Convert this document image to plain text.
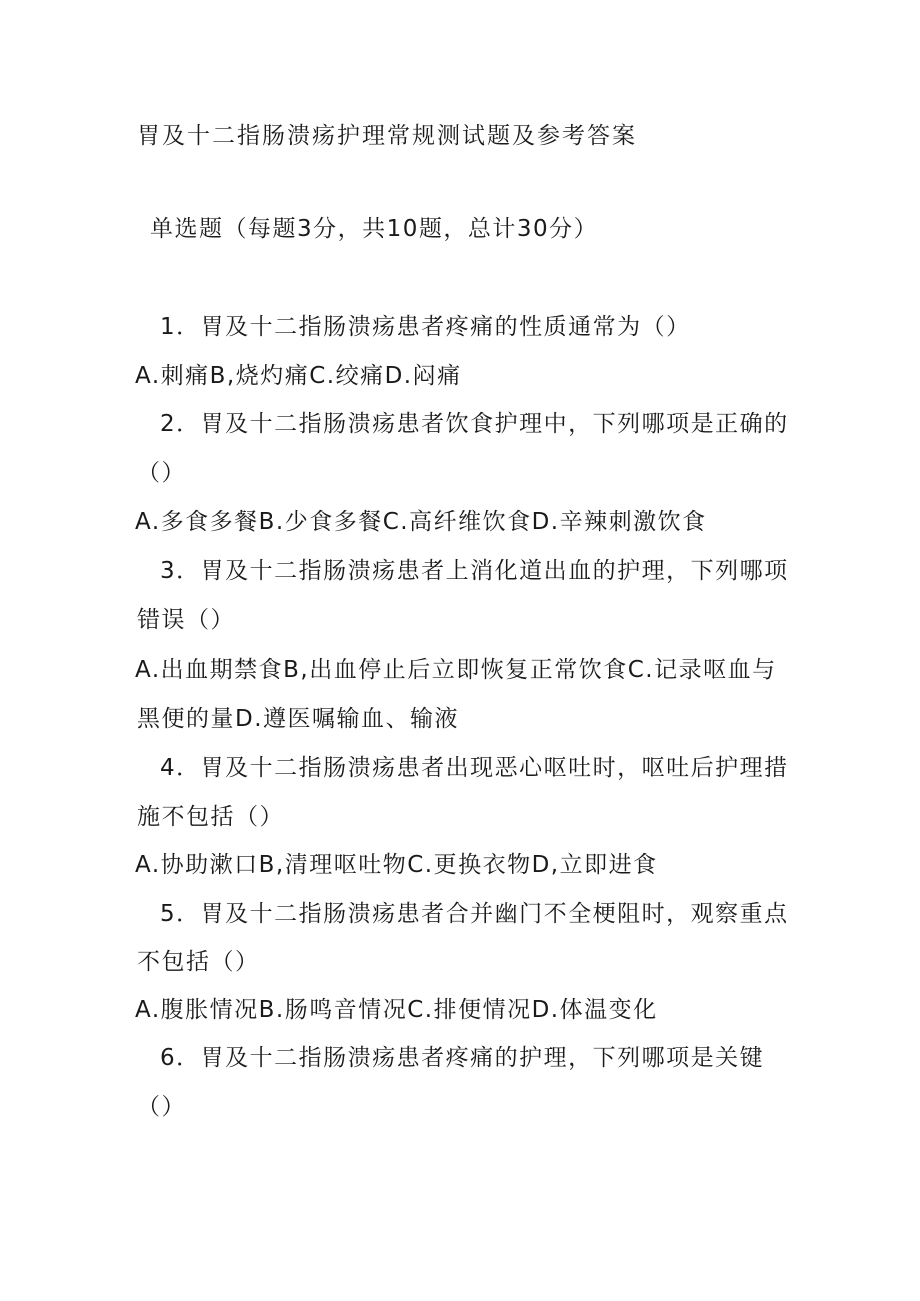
胃及十二指肠溃疡护理常规测试题及参考答案
单选题（每题3分，共10题，总计30分）
1．胃及十二指肠溃疡患者疼痛的性质通常为（）
A.刺痛B,烧灼痛C.绞痛D.闷痛
2．胃及十二指肠溃疡患者饮食护理中，下列哪项是正确的
（）
A.多食多餐B.少食多餐C.高纤维饮食D.辛辣刺激饮食
3．胃及十二指肠溃疡患者上消化道出血的护理，下列哪项
错误（）
A.出血期禁食B,出血停止后立即恢复正常饮食C.记录呕血与
黑便的量D.遵医嘱输血、输液
4．胃及十二指肠溃疡患者出现恶心呕吐时，呕吐后护理措
施不包括（）
A.协助漱口B,清理呕吐物C.更换衣物D,立即进食
5．胃及十二指肠溃疡患者合并幽门不全梗阻时，观察重点
不包括（）
A.腹胀情况B.肠鸣音情况C.排便情况D.体温变化
6．胃及十二指肠溃疡患者疼痛的护理，下列哪项是关键
（）
